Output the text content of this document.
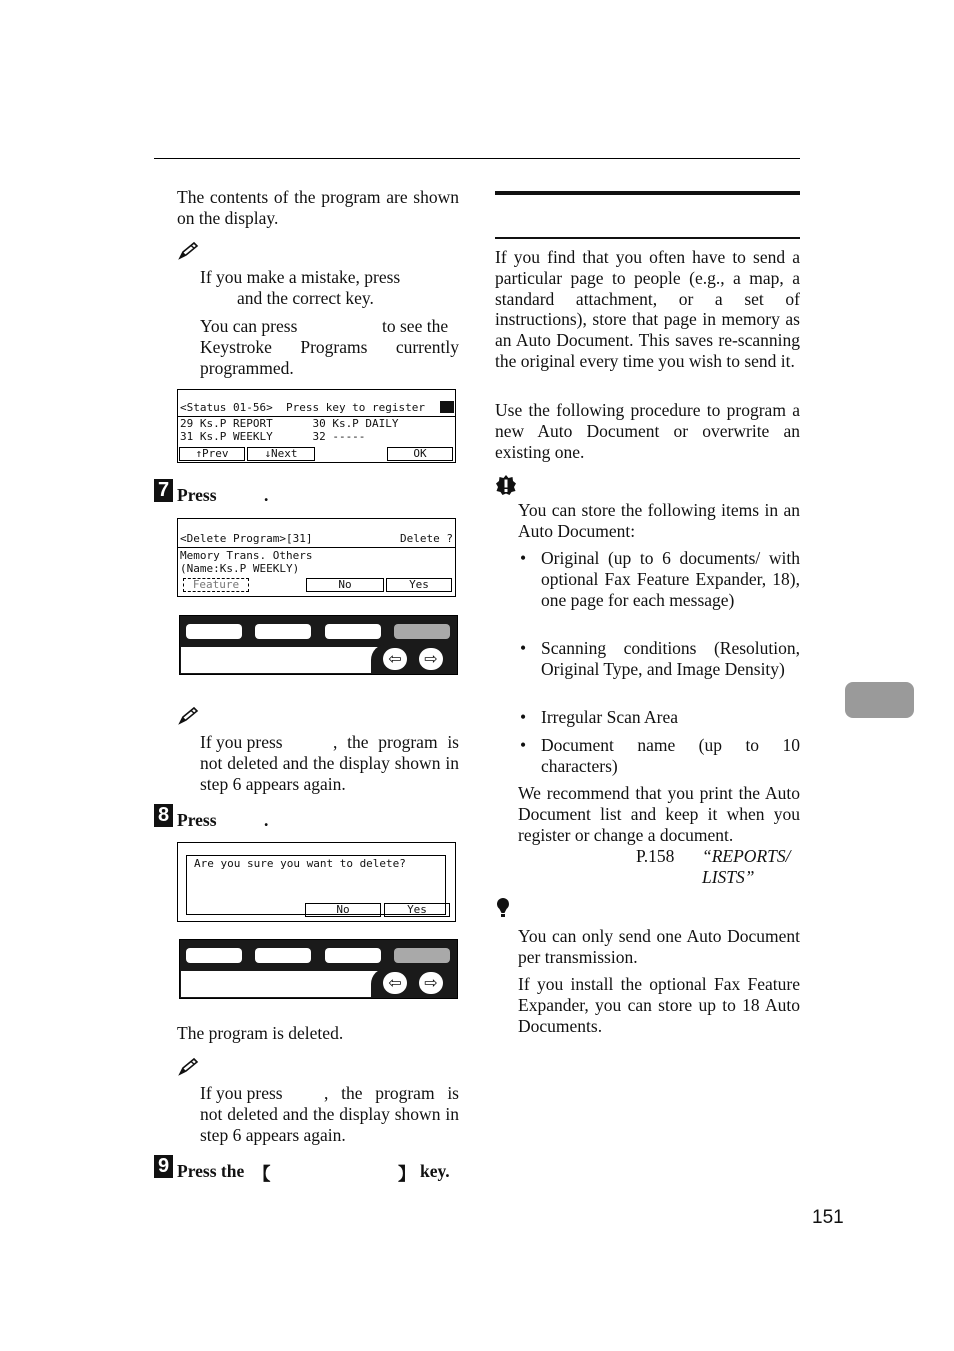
The contents of the program are shown on the display.
If you make a mistake, press
and the correct key.
You can press	to see the
Keystroke Programs currently programmed.
<Status 01-56>  Press key to register
29 Ks.P REPORT      30 Ks.P DAILY
31 Ks.P WEEKLY      32 -----
↑Prev	↓Next	OK
7 Press	.
<Delete Program>[31]	Delete ?
Memory Trans. Others
(Name:Ks.P WEEKLY)
Feature	No	Yes
⇦	⇨
If you press	, the program is not deleted and the display shown in step 6 appears again.
8 Press	.
Are you sure you want to delete?
No	Yes
⇦	⇨
The program is deleted.
If you press	, the program is not deleted and the display shown in step 6 appears again.
9 Press the 【	】 key.
If you find that you often have to send a particular page to people (e.g., a map, a standard attachment, or a set of instructions), store that page in memory as an Auto Document. This saves re-scanning the original every time you wish to send it.
Use the following procedure to program a new Auto Document or overwrite an existing one.
You can store the following items in an Auto Document:
• Original (up to 6 documents/ with optional Fax Feature Expander, 18), one page for each message)
• Scanning conditions (Resolution, Original Type, and Image Density)
• Irregular Scan Area
• Document name (up to 10 characters)
We recommend that you print the Auto Document list and keep it when you register or change a document.
P.158 “REPORTS/ LISTS”
You can only send one Auto Document per transmission.
If you install the optional Fax Feature Expander, you can store up to 18 Auto Documents.
151
